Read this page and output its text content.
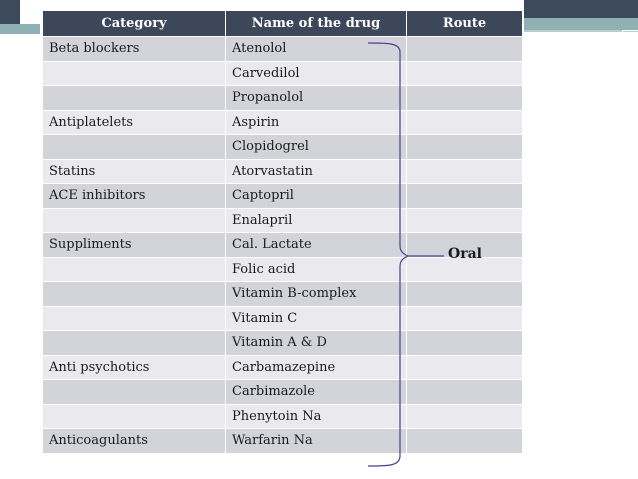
Category	Name of the drug	Route
Beta blockers	Atenolol	
	Carvedilol	
	Propanolol	
Antiplatelets	Aspirin	
	Clopidogrel	
Statins	Atorvastatin	
ACE inhibitors	Captopril	
	Enalapril	
Suppliments	Cal. Lactate	
	Folic acid	
	Vitamin B-complex	
	Vitamin C	
	Vitamin A & D	
Anti psychotics	Carbamazepine	
	Carbimazole	
	Phenytoin Na	
Anticoagulants	Warfarin Na	
Oral
